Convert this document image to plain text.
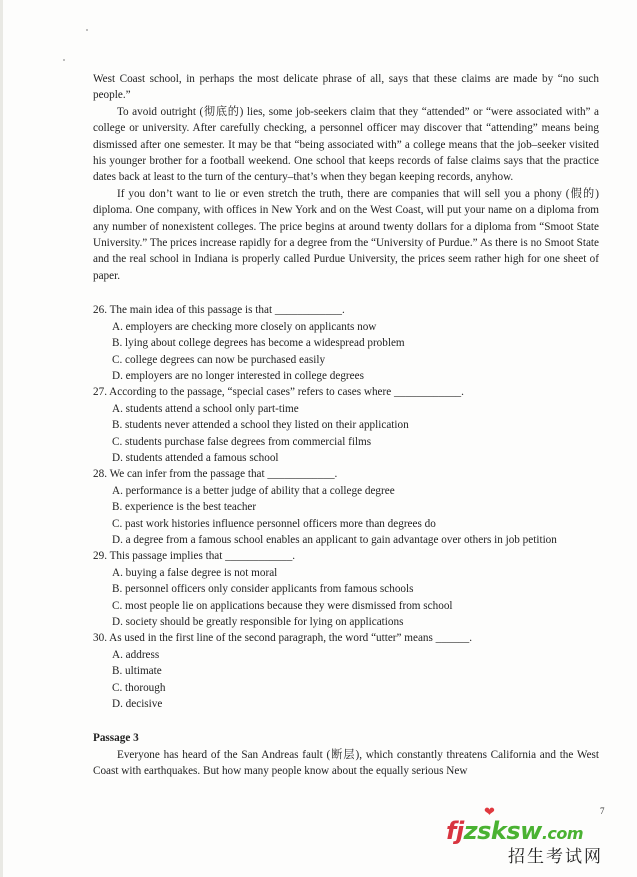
West Coast school, in perhaps the most delicate phrase of all, says that these claims are made by “no such people.”

To avoid outright (彻底的) lies, some job-seekers claim that they “attended” or “were associated with” a college or university. After carefully checking, a personnel officer may discover that “attending” means being dismissed after one semester. It may be that “being associated with” a college means that the job–seeker visited his younger brother for a football weekend. One school that keeps records of false claims says that the practice dates back at least to the turn of the century–that’s when they began keeping records, anyhow.

If you don’t want to lie or even stretch the truth, there are companies that will sell you a phony (假的) diploma. One company, with offices in New York and on the West Coast, will put your name on a diploma from any number of nonexistent colleges. The price begins at around twenty dollars for a diploma from “Smoot State University.” The prices increase rapidly for a degree from the “University of Purdue.” As there is no Smoot State and the real school in Indiana is properly called Purdue University, the prices seem rather high for one sheet of paper.

26. The main idea of this passage is that ____________.

A. employers are checking more closely on applicants now

B. lying about college degrees has become a widespread problem

C. college degrees can now be purchased easily

D. employers are no longer interested in college degrees

27. According to the passage, “special cases” refers to cases where ____________.

A. students attend a school only part-time

B. students never attended a school they listed on their application

C. students purchase false degrees from commercial films

D. students attended a famous school

28. We can infer from the passage that ____________.

A. performance is a better judge of ability that a college degree

B. experience is the best teacher

C. past work histories influence personnel officers more than degrees do

D. a degree from a famous school enables an applicant to gain advantage over others in job petition

29. This passage implies that ____________.

A. buying a false degree is not moral

B. personnel officers only consider applicants from famous schools

C. most people lie on applications because they were dismissed from school

D. society should be greatly responsible for lying on applications

30. As used in the first line of the second paragraph, the word “utter” means ______.

A. address

B. ultimate

C. thorough

D. decisive

Passage 3

Everyone has heard of the San Andreas fault (断层), which constantly threatens California and the West Coast with earthquakes. But how many people know about the equally serious New

7
❤
fjzsksw.com
招生考试网
